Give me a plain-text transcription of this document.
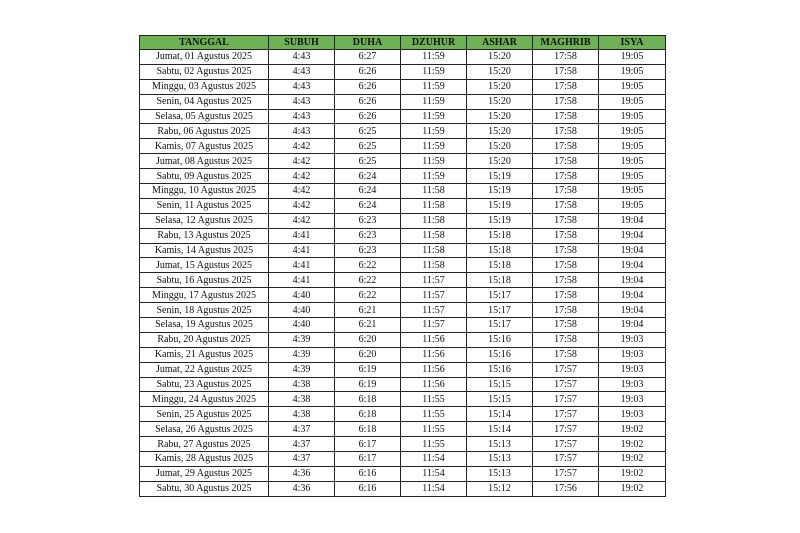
TANGGAL	SUBUH	DUHA	DZUHUR	ASHAR	MAGHRIB	ISYA
Jumat, 01 Agustus 2025	4:43	6:27	11:59	15:20	17:58	19:05
Sabtu, 02 Agustus 2025	4:43	6:26	11:59	15:20	17:58	19:05
Minggu, 03 Agustus 2025	4:43	6:26	11:59	15:20	17:58	19:05
Senin, 04 Agustus 2025	4:43	6:26	11:59	15:20	17:58	19:05
Selasa, 05 Agustus 2025	4:43	6:26	11:59	15:20	17:58	19:05
Rabu, 06 Agustus 2025	4:43	6:25	11:59	15:20	17:58	19:05
Kamis, 07 Agustus 2025	4:42	6:25	11:59	15:20	17:58	19:05
Jumat, 08 Agustus 2025	4:42	6:25	11:59	15:20	17:58	19:05
Sabtu, 09 Agustus 2025	4:42	6:24	11:59	15:19	17:58	19:05
Minggu, 10 Agustus 2025	4:42	6:24	11:58	15:19	17:58	19:05
Senin, 11 Agustus 2025	4:42	6:24	11:58	15:19	17:58	19:05
Selasa, 12 Agustus 2025	4:42	6:23	11:58	15:19	17:58	19:04
Rabu, 13 Agustus 2025	4:41	6:23	11:58	15:18	17:58	19:04
Kamis, 14 Agustus 2025	4:41	6:23	11:58	15:18	17:58	19:04
Jumat, 15 Agustus 2025	4:41	6:22	11:58	15:18	17:58	19:04
Sabtu, 16 Agustus 2025	4:41	6:22	11:57	15:18	17:58	19:04
Minggu, 17 Agustus 2025	4:40	6:22	11:57	15:17	17:58	19:04
Senin, 18 Agustus 2025	4:40	6:21	11:57	15:17	17:58	19:04
Selasa, 19 Agustus 2025	4:40	6:21	11:57	15:17	17:58	19:04
Rabu, 20 Agustus 2025	4:39	6:20	11:56	15:16	17:58	19:03
Kamis, 21 Agustus 2025	4:39	6:20	11:56	15:16	17:58	19:03
Jumat, 22 Agustus 2025	4:39	6:19	11:56	15:16	17:57	19:03
Sabtu, 23 Agustus 2025	4:38	6:19	11:56	15:15	17:57	19:03
Minggu, 24 Agustus 2025	4:38	6:18	11:55	15:15	17:57	19:03
Senin, 25 Agustus 2025	4:38	6:18	11:55	15:14	17:57	19:03
Selasa, 26 Agustus 2025	4:37	6:18	11:55	15:14	17:57	19:02
Rabu, 27 Agustus 2025	4:37	6:17	11:55	15:13	17:57	19:02
Kamis, 28 Agustus 2025	4:37	6:17	11:54	15:13	17:57	19:02
Jumat, 29 Agustus 2025	4:36	6:16	11:54	15:13	17:57	19:02
Sabtu, 30 Agustus 2025	4:36	6:16	11:54	15:12	17:56	19:02
